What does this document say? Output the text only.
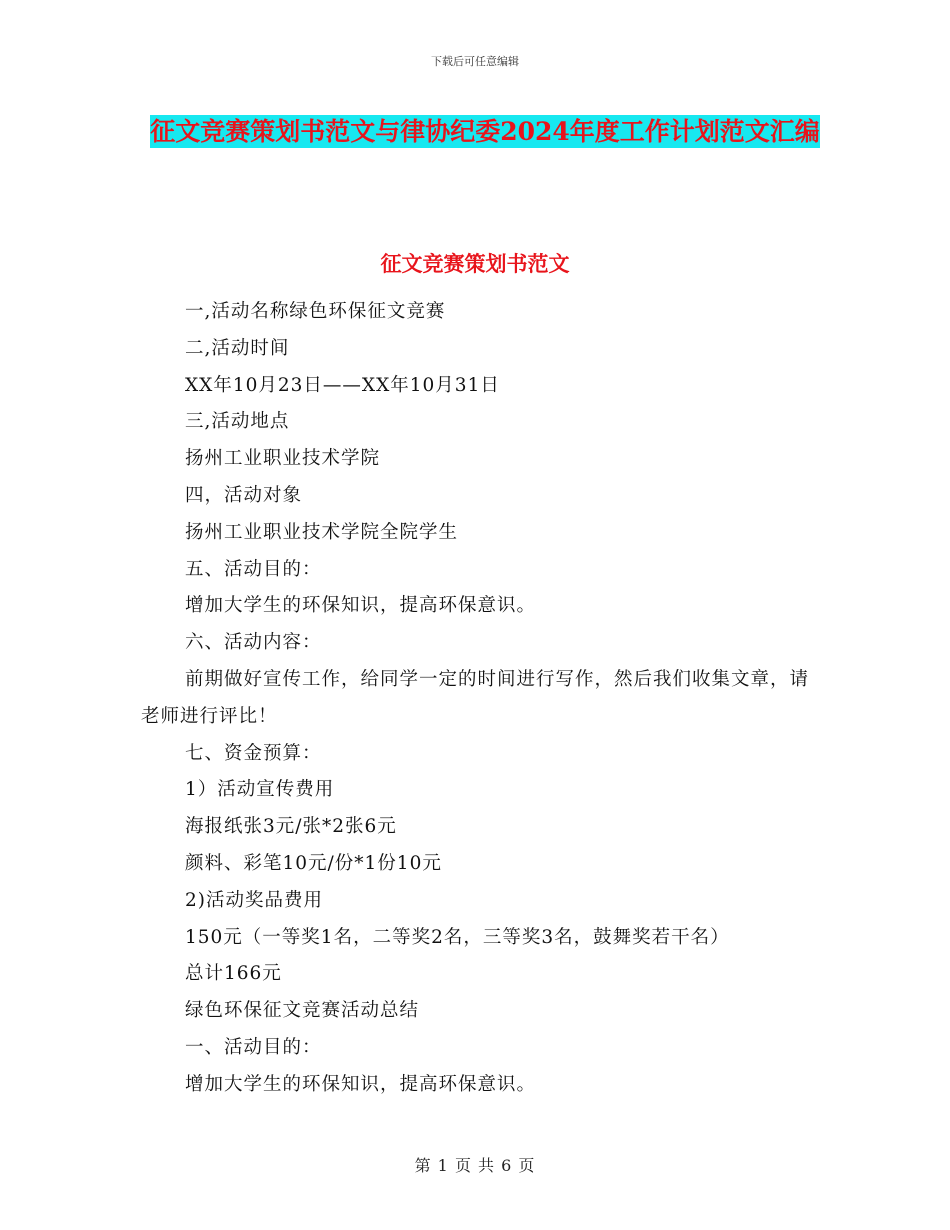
下载后可任意编辑
征文竞赛策划书范文与律协纪委2024年度工作计划范文汇编
征文竞赛策划书范文
一,活动名称绿色环保征文竞赛
二,活动时间
XX年10月23日——XX年10月31日
三,活动地点
扬州工业职业技术学院
四，活动对象
扬州工业职业技术学院全院学生
五、活动目的：
增加大学生的环保知识，提高环保意识。
六、活动内容：
前期做好宣传工作，给同学一定的时间进行写作，然后我们收集文章，请老师进行评比！
七、资金预算：
1）活动宣传费用
海报纸张3元/张*2张6元
颜料、彩笔10元/份*1份10元
2)活动奖品费用
150元（一等奖1名，二等奖2名，三等奖3名，鼓舞奖若干名）
总计166元
绿色环保征文竞赛活动总结
一、活动目的：
增加大学生的环保知识，提高环保意识。
第 1 页 共 6 页
